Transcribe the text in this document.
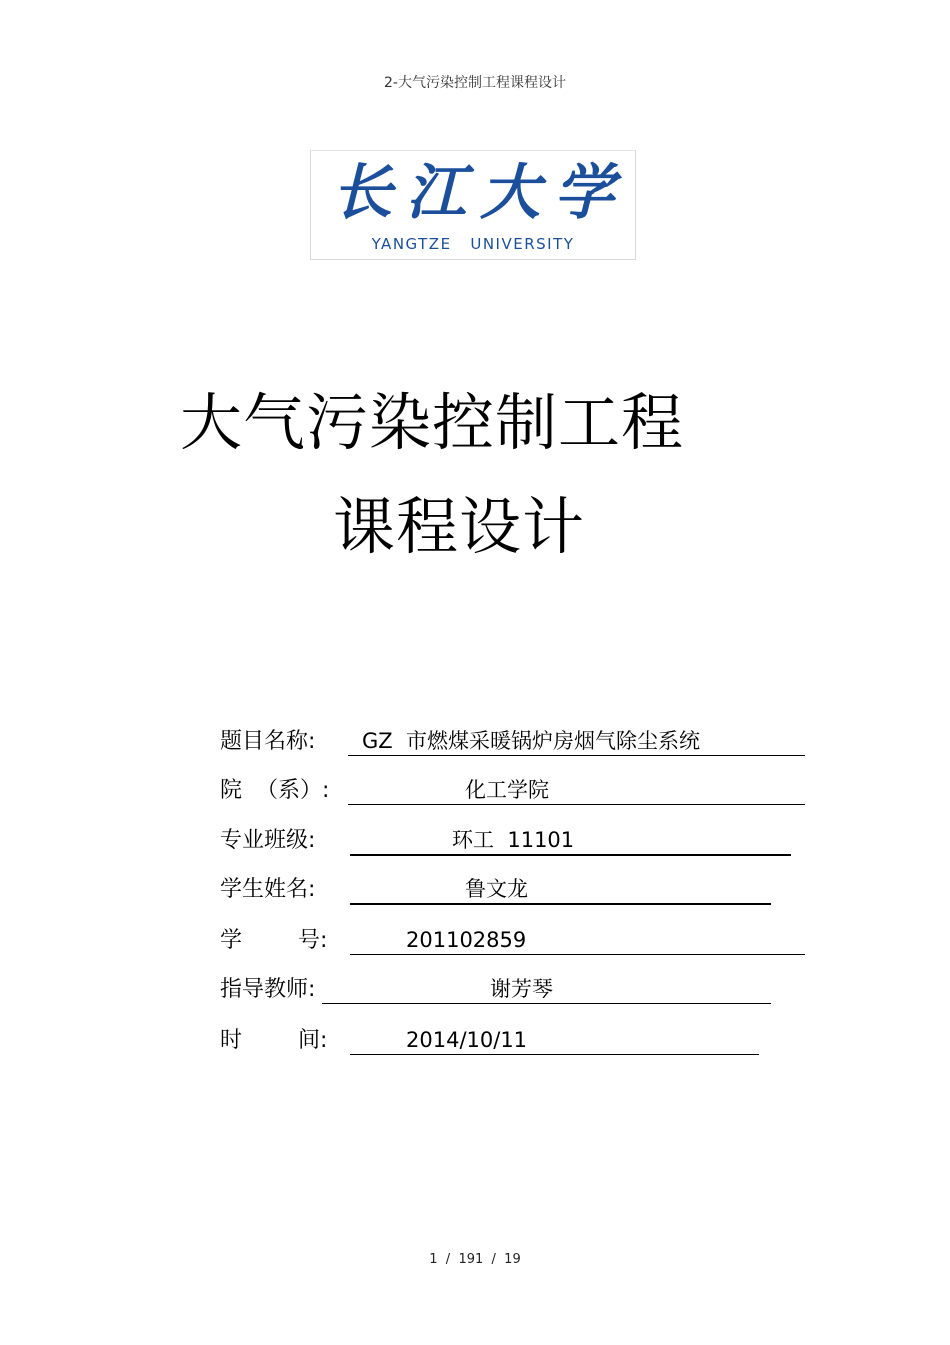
2-大气污染控制工程课程设计
长江大学
YANGTZE   UNIVERSITY
大气污染控制工程
课程设计
题目名称: GZ  市燃煤采暖锅炉房烟气除尘系统
院  （系）:	化工学院
专业班级:	环工  11101
学生姓名:	鲁文龙
学        号:	201102859
指导教师:	谢芳琴
时        间:	2014/10/11
1  /  191  /  19
